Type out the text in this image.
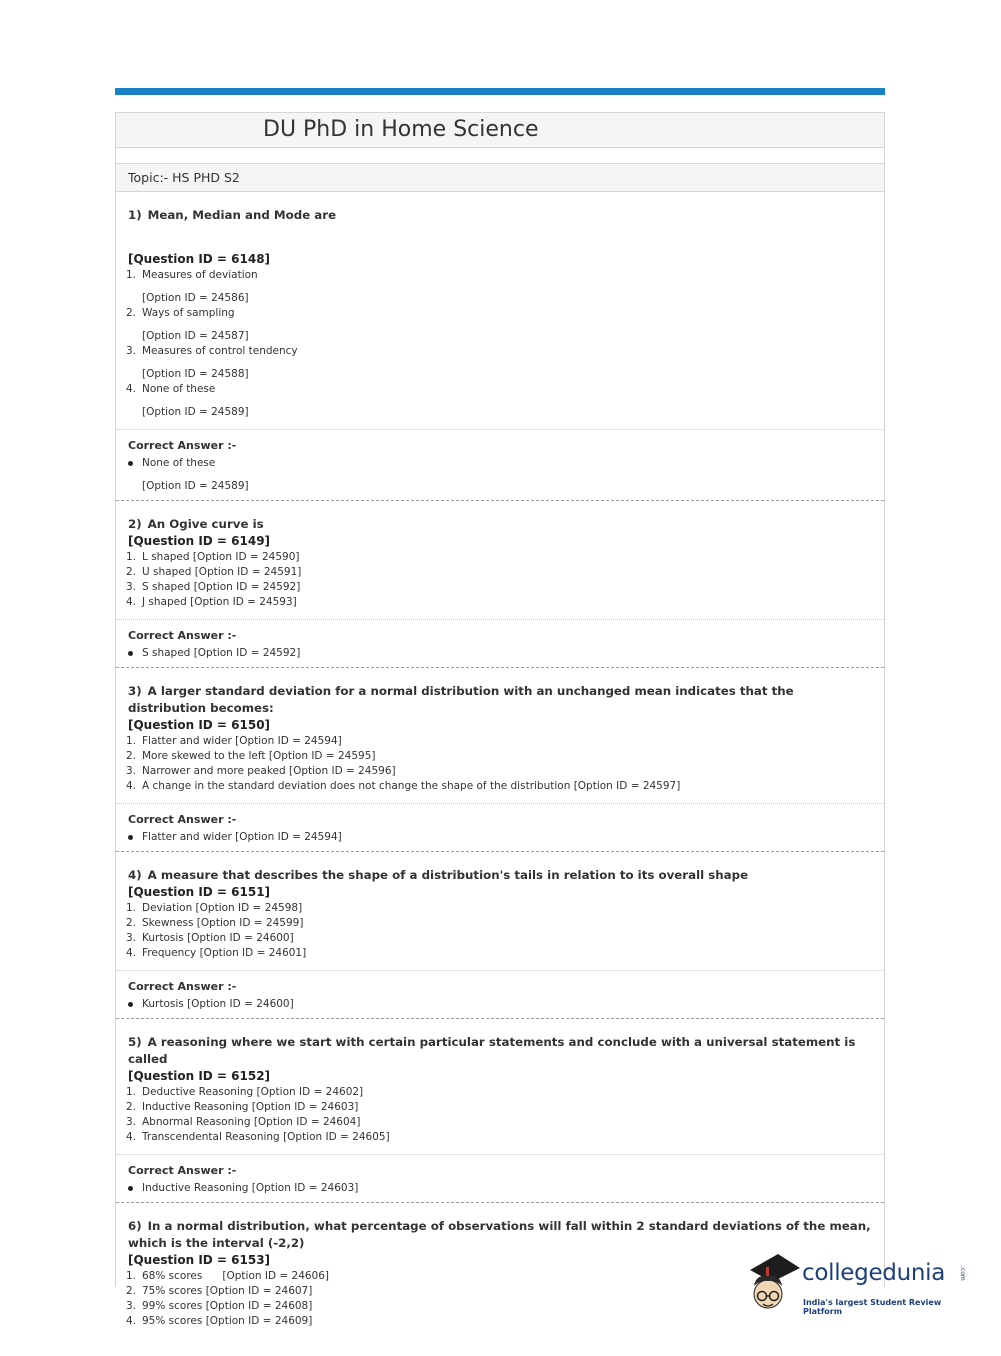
DU PhD in Home Science
Topic:- HS PHD S2
1) Mean, Median and Mode are
[Question ID = 6148]
1. Measures of deviation
[Option ID = 24586]
2. Ways of sampling
[Option ID = 24587]
3. Measures of control tendency
[Option ID = 24588]
4. None of these
[Option ID = 24589]
Correct Answer :-
None of these
[Option ID = 24589]
2) An Ogive curve is
[Question ID = 6149]
1. L shaped [Option ID = 24590]
2. U shaped [Option ID = 24591]
3. S shaped [Option ID = 24592]
4. J shaped [Option ID = 24593]
Correct Answer :-
S shaped [Option ID = 24592]
3) A larger standard deviation for a normal distribution with an unchanged mean indicates that the distribution becomes:
[Question ID = 6150]
1. Flatter and wider [Option ID = 24594]
2. More skewed to the left [Option ID = 24595]
3. Narrower and more peaked [Option ID = 24596]
4. A change in the standard deviation does not change the shape of the distribution [Option ID = 24597]
Correct Answer :-
Flatter and wider [Option ID = 24594]
4) A measure that describes the shape of a distribution's tails in relation to its overall shape
[Question ID = 6151]
1. Deviation [Option ID = 24598]
2. Skewness [Option ID = 24599]
3. Kurtosis [Option ID = 24600]
4. Frequency [Option ID = 24601]
Correct Answer :-
Kurtosis [Option ID = 24600]
5) A reasoning where we start with certain particular statements and conclude with a universal statement is called
[Question ID = 6152]
1. Deductive Reasoning [Option ID = 24602]
2. Inductive Reasoning [Option ID = 24603]
3. Abnormal Reasoning [Option ID = 24604]
4. Transcendental Reasoning [Option ID = 24605]
Correct Answer :-
Inductive Reasoning [Option ID = 24603]
6) In a normal distribution, what percentage of observations will fall within 2 standard deviations of the mean, which is the interval (-2,2)
[Question ID = 6153]
1. 68% scores      [Option ID = 24606]
2. 75% scores [Option ID = 24607]
3. 99% scores [Option ID = 24608]
4. 95% scores [Option ID = 24609]
collegedunia .com
India's largest Student Review Platform
